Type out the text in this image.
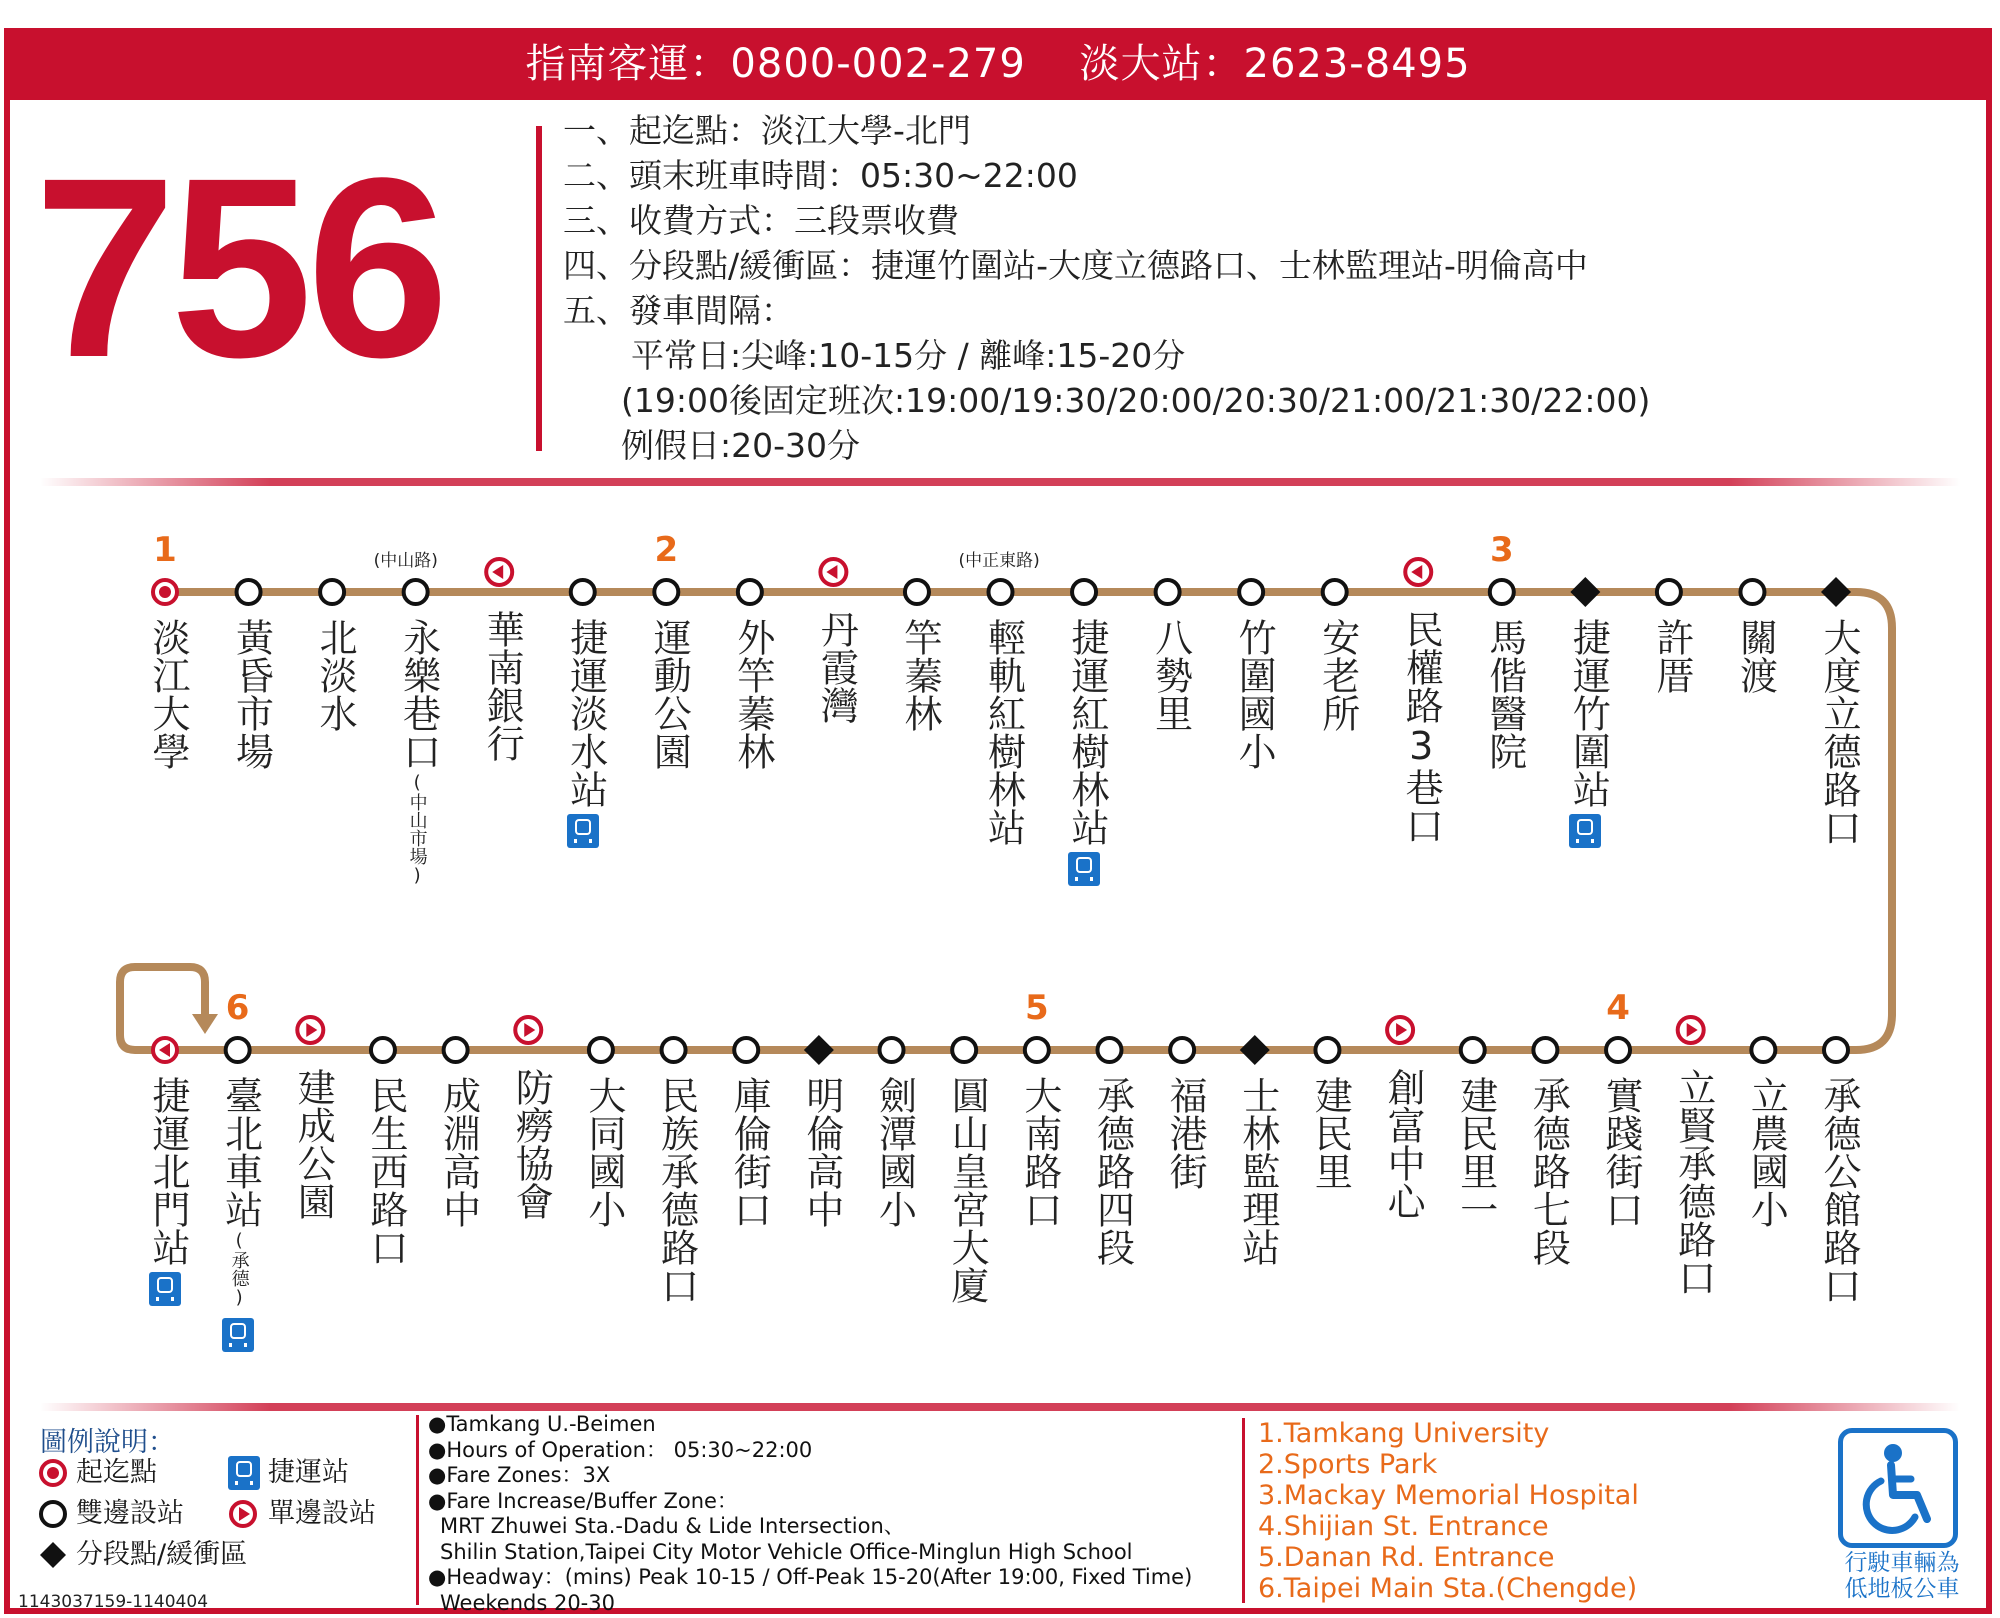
指南客運：0800-002-279 淡大站：2623-8495
756	一、起迄點：淡江大學-北門
二、頭末班車時間：05:30~22:00
三、收費方式：三段票收費
四、分段點/緩衝區：捷運竹圍站-大度立德路口、士林監理站-明倫高中
五、發車間隔：
平常日:尖峰:10-15分 / 離峰:15-20分
(19:00後固定班次:19:00/19:30/20:00/20:30/21:00/21:30/22:00)
例假日:20-30分
淡江大學
1
黃昏市場 北淡水 永樂巷口
(中山路)
(中山市場)
華南銀行 捷運淡水站 運動公園
2
外竿蓁林 丹霞灣 竿蓁林 輕軌紅樹林站
(中正東路)
捷運紅樹林站 八勢里 竹圍國小 安老所 民權路3巷口 馬偕醫院
3
捷運竹圍站 許厝 關渡 大度立德路口
捷運北門站 臺北車站
6
(承德)
建成公園 民生西路口 成淵高中 防癆協會 大同國小 民族承德路口 庫倫街口 明倫高中 劍潭國小 圓山皇宮大廈 大南路口
5
承德路四段 福港街 士林監理站 建民里 創富中心 建民里一 承德路七段 實踐街口
4
立賢承德路口 立農國小 承德公館路口
圖例說明：
起迄點	捷運站
雙邊設站	單邊設站
分段點/緩衝區
1143037159-1140404
●Tamkang U.-Beimen
●Hours of Operation： 05:30~22:00
●Fare Zones：3X
●Fare Increase/Buffer Zone：
MRT Zhuwei Sta.-Dadu & Lide Intersection、
Shilin Station,Taipei City Motor Vehicle Office-Minglun High School
●Headway：(mins) Peak 10-15 / Off-Peak 15-20(After 19:00, Fixed Time)
Weekends 20-30
1.Tamkang University
2.Sports Park
3.Mackay Memorial Hospital
4.Shijian St. Entrance
5.Danan Rd. Entrance
6.Taipei Main Sta.(Chengde)
行駛車輛為
低地板公車
